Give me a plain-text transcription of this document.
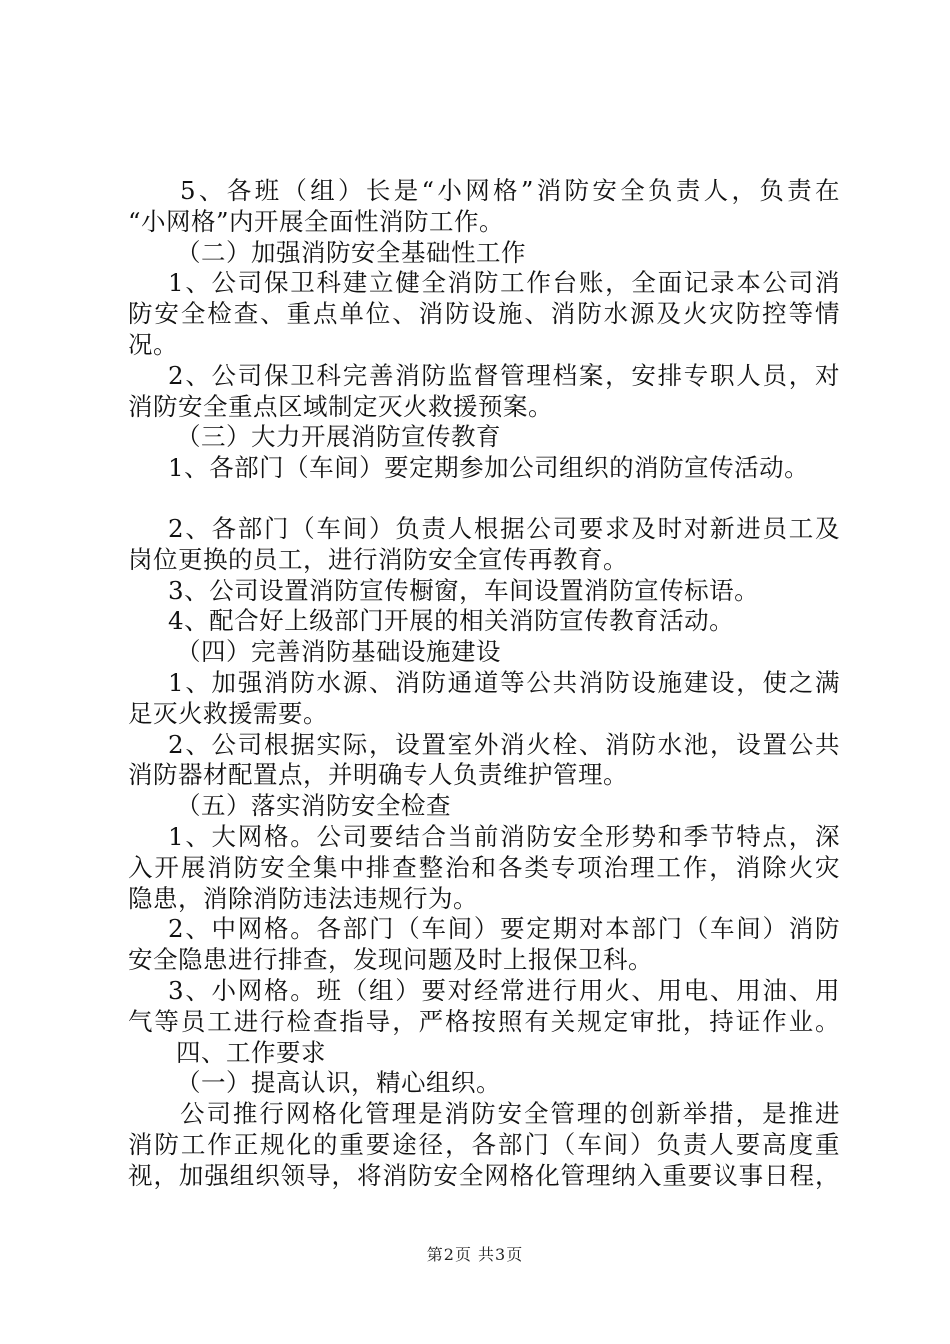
5、各班（组）长是“小网格”消防安全负责人，负责在
“小网格”内开展全面性消防工作。
（二）加强消防安全基础性工作
1、公司保卫科建立健全消防工作台账，全面记录本公司消
防安全检查、重点单位、消防设施、消防水源及火灾防控等情
况。
2、公司保卫科完善消防监督管理档案，安排专职人员，对
消防安全重点区域制定灭火救援预案。
（三）大力开展消防宣传教育
1、各部门（车间）要定期参加公司组织的消防宣传活动。
2、各部门（车间）负责人根据公司要求及时对新进员工及
岗位更换的员工，进行消防安全宣传再教育。
3、公司设置消防宣传橱窗，车间设置消防宣传标语。
4、配合好上级部门开展的相关消防宣传教育活动。
（四）完善消防基础设施建设
1、加强消防水源、消防通道等公共消防设施建设，使之满
足灭火救援需要。
2、公司根据实际，设置室外消火栓、消防水池，设置公共
消防器材配置点，并明确专人负责维护管理。
（五）落实消防安全检查
1、大网格。公司要结合当前消防安全形势和季节特点，深
入开展消防安全集中排查整治和各类专项治理工作，消除火灾
隐患，消除消防违法违规行为。
2、中网格。各部门（车间）要定期对本部门（车间）消防
安全隐患进行排查，发现问题及时上报保卫科。
3、小网格。班（组）要对经常进行用火、用电、用油、用
气等员工进行检查指导，严格按照有关规定审批，持证作业。
四、工作要求
（一）提高认识，精心组织。
公司推行网格化管理是消防安全管理的创新举措，是推进
消防工作正规化的重要途径，各部门（车间）负责人要高度重
视，加强组织领导，将消防安全网格化管理纳入重要议事日程，
第2页 共3页
